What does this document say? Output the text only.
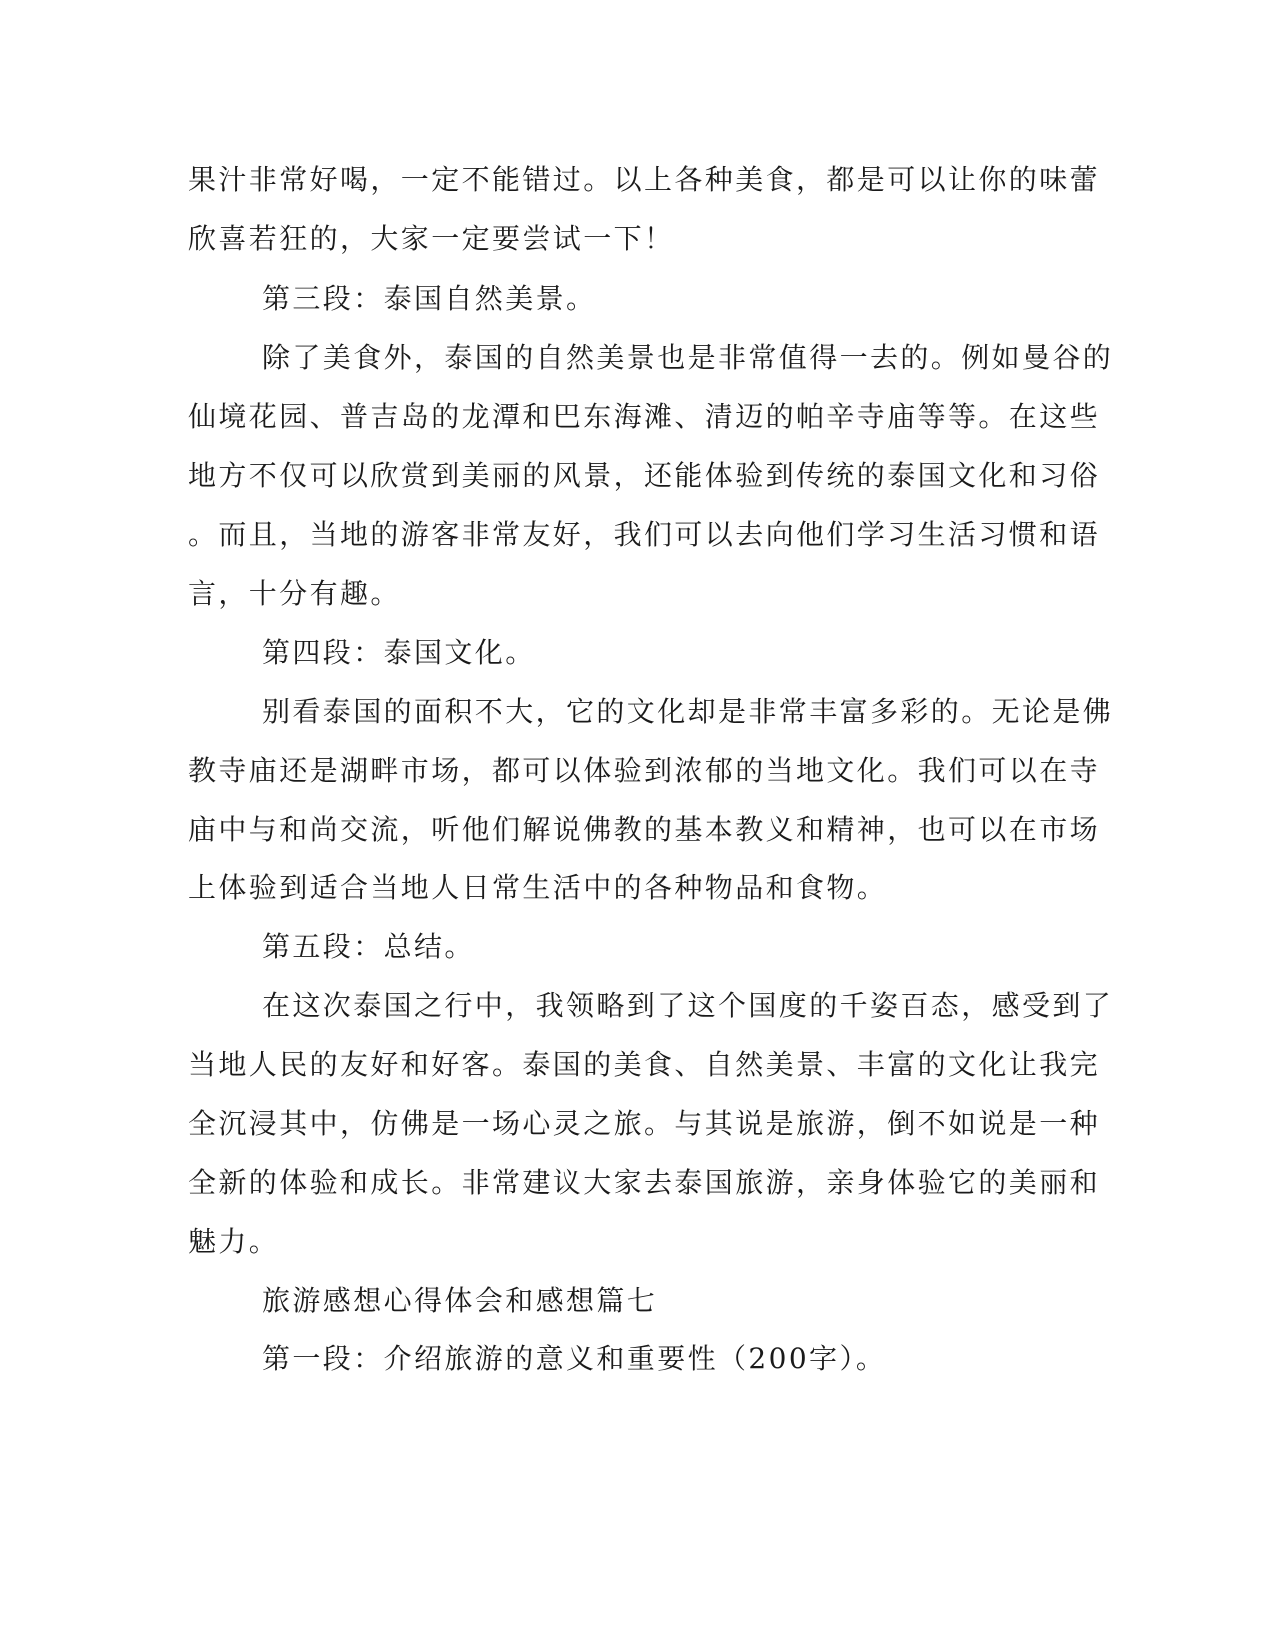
果汁非常好喝，一定不能错过。以上各种美食，都是可以让你的味蕾
欣喜若狂的，大家一定要尝试一下！
第三段：泰国自然美景。
除了美食外，泰国的自然美景也是非常值得一去的。例如曼谷的
仙境花园、普吉岛的龙潭和巴东海滩、清迈的帕辛寺庙等等。在这些
地方不仅可以欣赏到美丽的风景，还能体验到传统的泰国文化和习俗
。而且，当地的游客非常友好，我们可以去向他们学习生活习惯和语
言，十分有趣。
第四段：泰国文化。
别看泰国的面积不大，它的文化却是非常丰富多彩的。无论是佛
教寺庙还是湖畔市场，都可以体验到浓郁的当地文化。我们可以在寺
庙中与和尚交流，听他们解说佛教的基本教义和精神，也可以在市场
上体验到适合当地人日常生活中的各种物品和食物。
第五段：总结。
在这次泰国之行中，我领略到了这个国度的千姿百态，感受到了
当地人民的友好和好客。泰国的美食、自然美景、丰富的文化让我完
全沉浸其中，仿佛是一场心灵之旅。与其说是旅游，倒不如说是一种
全新的体验和成长。非常建议大家去泰国旅游，亲身体验它的美丽和
魅力。
旅游感想心得体会和感想篇七
第一段：介绍旅游的意义和重要性（200字）。
